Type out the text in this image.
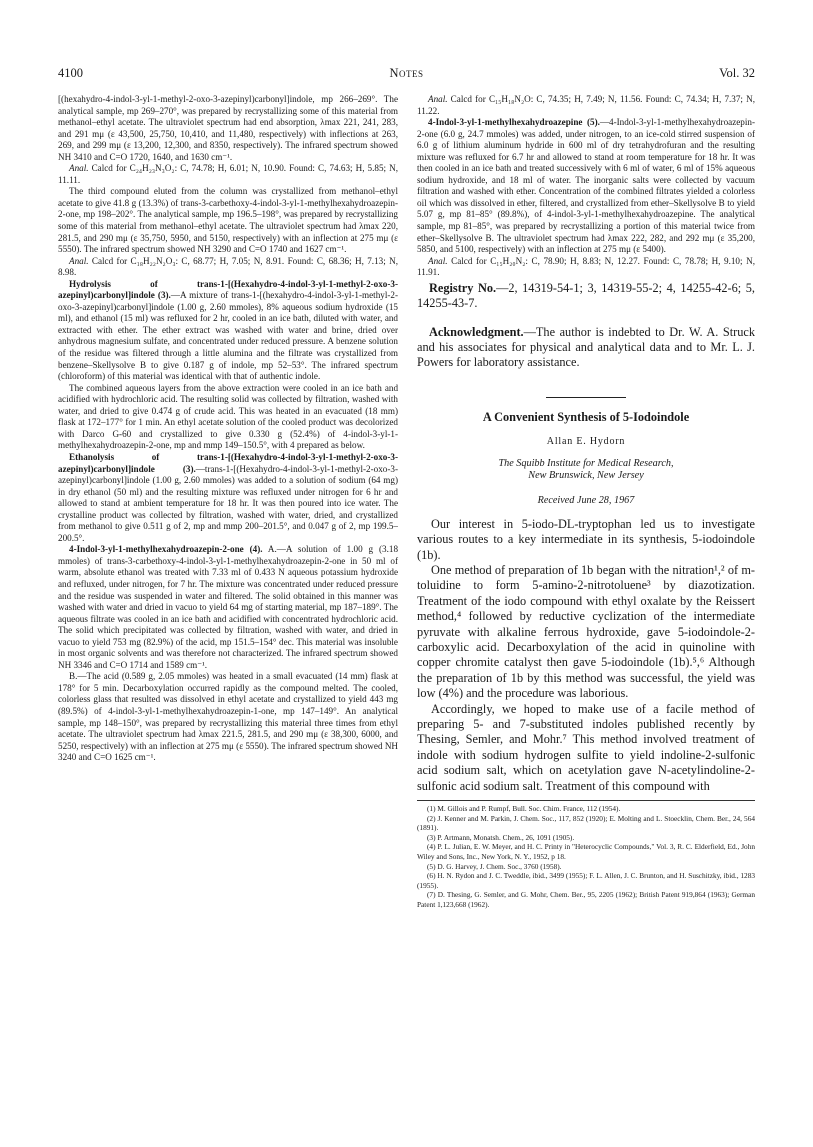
4100	Notes	Vol. 32

[(hexahydro-4-indol-3-yl-1-methyl-2-oxo-3-azepinyl)carbonyl]indole, mp 266–269°. The analytical sample, mp 269–270°, was prepared by recrystallizing some of this material from methanol–ethyl acetate. The ultraviolet spectrum had end absorption, λmax 221, 241, 283, and 291 mμ (ε 43,500, 25,750, 10,410, and 11,480, respectively) with inflections at 263, 269, and 299 mμ (ε 13,200, 12,300, and 8350, respectively). The infrared spectrum showed NH 3410 and C=O 1720, 1640, and 1630 cm⁻¹.

Anal. Calcd for C₂₄H₂₃N₃O₂: C, 74.78; H, 6.01; N, 10.90. Found: C, 74.63; H, 5.85; N, 11.11.

The third compound eluted from the column was crystallized from methanol–ethyl acetate to give 41.8 g (13.3%) of trans-3-carbethoxy-4-indol-3-yl-1-methylhexahydroazepin-2-one, mp 198–202°. The analytical sample, mp 196.5–198°, was prepared by recrystallizing some of this material from methanol–ethyl acetate. The ultraviolet spectrum had λmax 220, 281.5, and 290 mμ (ε 35,750, 5950, and 5150, respectively) with an inflection at 275 mμ (ε 5550). The infrared spectrum showed NH 3290 and C=O 1740 and 1627 cm⁻¹.

Anal. Calcd for C₁₈H₂₂N₂O₃: C, 68.77; H, 7.05; N, 8.91. Found: C, 68.36; H, 7.13; N, 8.98.

Hydrolysis of trans-1-[(Hexahydro-4-indol-3-yl-1-methyl-2-oxo-3-azepinyl)carbonyl]indole (3).—A mixture of trans-1-[(hexahydro-4-indol-3-yl-1-methyl-2-oxo-3-azepinyl)carbonyl]indole (1.00 g, 2.60 mmoles), 8% aqueous sodium hydroxide (15 ml), and ethanol (15 ml) was refluxed for 2 hr, cooled in an ice bath, diluted with water, and extracted with ether. The ether extract was washed with water and brine, dried over anhydrous magnesium sulfate, and concentrated under reduced pressure. A benzene solution of the residue was filtered through a little alumina and the filtrate was crystallized from benzene–Skellysolve B to give 0.187 g of indole, mp 52–53°. The infrared spectrum (chloroform) of this material was identical with that of authentic indole.

The combined aqueous layers from the above extraction were cooled in an ice bath and acidified with hydrochloric acid. The resulting solid was collected by filtration, washed with water, and dried to give 0.474 g of crude acid. This was heated in an evacuated (18 mm) flask at 172–177° for 1 min. An ethyl acetate solution of the cooled product was decolorized with Darco G-60 and crystallized to give 0.330 g (52.4%) of 4-indol-3-yl-1-methylhexahydroazepin-2-one, mp and mmp 149–150.5°, with 4 prepared as below.

Ethanolysis of trans-1-[(Hexahydro-4-indol-3-yl-1-methyl-2-oxo-3-azepinyl)carbonyl]indole (3).—trans-1-[(Hexahydro-4-indol-3-yl-1-methyl-2-oxo-3-azepinyl)carbonyl]indole (1.00 g, 2.60 mmoles) was added to a solution of sodium (64 mg) in dry ethanol (50 ml) and the resulting mixture was refluxed under nitrogen for 6 hr and allowed to stand at ambient temperature for 18 hr. It was then poured into ice water. The crystalline product was collected by filtration, washed with water, dried, and crystallized from methanol to give 0.511 g of 2, mp and mmp 200–201.5°, and 0.047 g of 2, mp 199.5–200.5°.

4-Indol-3-yl-1-methylhexahydroazepin-2-one (4). A.—A solution of 1.00 g (3.18 mmoles) of trans-3-carbethoxy-4-indol-3-yl-1-methylhexahydroazepin-2-one in 50 ml of warm, absolute ethanol was treated with 7.33 ml of 0.433 N aqueous potassium hydroxide and refluxed, under nitrogen, for 7 hr. The mixture was concentrated under reduced pressure and the residue was suspended in water and filtered. The solid obtained in this manner was washed with water and dried in vacuo to yield 64 mg of starting material, mp 187–189°. The aqueous filtrate was cooled in an ice bath and acidified with concentrated hydrochloric acid. The solid which precipitated was collected by filtration, washed with water, and dried in vacuo to yield 753 mg (82.9%) of the acid, mp 151.5–154° dec. This material was insoluble in most organic solvents and was therefore not characterized. The infrared spectrum showed NH 3346 and C=O 1714 and 1589 cm⁻¹.

B.—The acid (0.589 g, 2.05 mmoles) was heated in a small evacuated (14 mm) flask at 178° for 5 min. Decarboxylation occurred rapidly as the compound melted. The cooled, colorless glass that resulted was dissolved in ethyl acetate and crystallized to yield 443 mg (89.5%) of 4-indol-3-yl-1-methylhexahydroazepin-1-one, mp 147–149°. An analytical sample, mp 148–150°, was prepared by recrystallizing this material three times from ethyl acetate. The ultraviolet spectrum had λmax 221.5, 281.5, and 290 mμ (ε 38,300, 6000, and 5250, respectively) with an inflection at 275 mμ (ε 5550). The infrared spectrum showed NH 3240 and C=O 1625 cm⁻¹.

Anal. Calcd for C₁₅H₁₈N₂O: C, 74.35; H, 7.49; N, 11.56. Found: C, 74.34; H, 7.37; N, 11.22.

4-Indol-3-yl-1-methylhexahydroazepine (5).—4-Indol-3-yl-1-methylhexahydroazepin-2-one (6.0 g, 24.7 mmoles) was added, under nitrogen, to an ice-cold stirred suspension of 6.0 g of lithium aluminum hydride in 600 ml of dry tetrahydrofuran and the resulting mixture was refluxed for 6.7 hr and allowed to stand at room temperature for 18 hr. It was then cooled in an ice bath and treated successively with 6 ml of water, 6 ml of 15% aqueous sodium hydroxide, and 18 ml of water. The inorganic salts were collected by vacuum filtration and washed with ether. Concentration of the combined filtrates yielded a colorless oil which was dissolved in ether, filtered, and crystallized from ether–Skellysolve B to yield 5.07 g, mp 81–85° (89.8%), of 4-indol-3-yl-1-methylhexahydroazepine. The analytical sample, mp 81–85°, was prepared by recrystallizing a portion of this material twice from ether–Skellysolve B. The ultraviolet spectrum had λmax 222, 282, and 292 mμ (ε 35,200, 5850, and 5100, respectively) with an inflection at 275 mμ (ε 5400).

Anal. Calcd for C₁₅H₂₀N₂: C, 78.90; H, 8.83; N, 12.27. Found: C, 78.78; H, 9.10; N, 11.91.

Registry No.—2, 14319-54-1; 3, 14319-55-2; 4, 14255-42-6; 5, 14255-43-7.

Acknowledgment.—The author is indebted to Dr. W. A. Struck and his associates for physical and analytical data and to Mr. L. J. Powers for laboratory assistance.

A Convenient Synthesis of 5-Iodoindole
Allan E. Hydorn
The Squibb Institute for Medical Research,
New Brunswick, New Jersey
Received June 28, 1967

Our interest in 5-iodo-DL-tryptophan led us to investigate various routes to a key intermediate in its synthesis, 5-iodoindole (1b).

One method of preparation of 1b began with the nitration¹,² of m-toluidine to form 5-amino-2-nitrotoluene³ by diazotization. Treatment of the iodo compound with ethyl oxalate by the Reissert method,⁴ followed by reductive cyclization of the intermediate pyruvate with alkaline ferrous hydroxide, gave 5-iodoindole-2-carboxylic acid. Decarboxylation of the acid in quinoline with copper chromite catalyst then gave 5-iodoindole (1b).⁵,⁶ Although the preparation of 1b by this method was successful, the yield was low (4%) and the procedure was laborious.

Accordingly, we hoped to make use of a facile method of preparing 5- and 7-substituted indoles published recently by Thesing, Semler, and Mohr.⁷ This method involved treatment of indole with sodium hydrogen sulfite to yield indoline-2-sulfonic acid sodium salt, which on acetylation gave N-acetylindoline-2-sulfonic acid sodium salt. Treatment of this compound with

(1) M. Gillois and P. Rumpf, Bull. Soc. Chim. France, 112 (1954).

(2) J. Kenner and M. Parkin, J. Chem. Soc., 117, 852 (1920); E. Molting and L. Stoecklin, Chem. Ber., 24, 564 (1891).

(3) P. Artmann, Monatsh. Chem., 26, 1091 (1905).

(4) P. L. Julian, E. W. Meyer, and H. C. Printy in "Heterocyclic Compounds," Vol. 3, R. C. Elderfield, Ed., John Wiley and Sons, Inc., New York, N. Y., 1952, p 18.

(5) D. G. Harvey, J. Chem. Soc., 3760 (1958).

(6) H. N. Rydon and J. C. Tweddle, ibid., 3499 (1955); F. L. Allen, J. C. Brunton, and H. Suschitzky, ibid., 1283 (1955).

(7) D. Thesing, G. Semler, and G. Mohr, Chem. Ber., 95, 2205 (1962); British Patent 919,864 (1963); German Patent 1,123,668 (1962).
